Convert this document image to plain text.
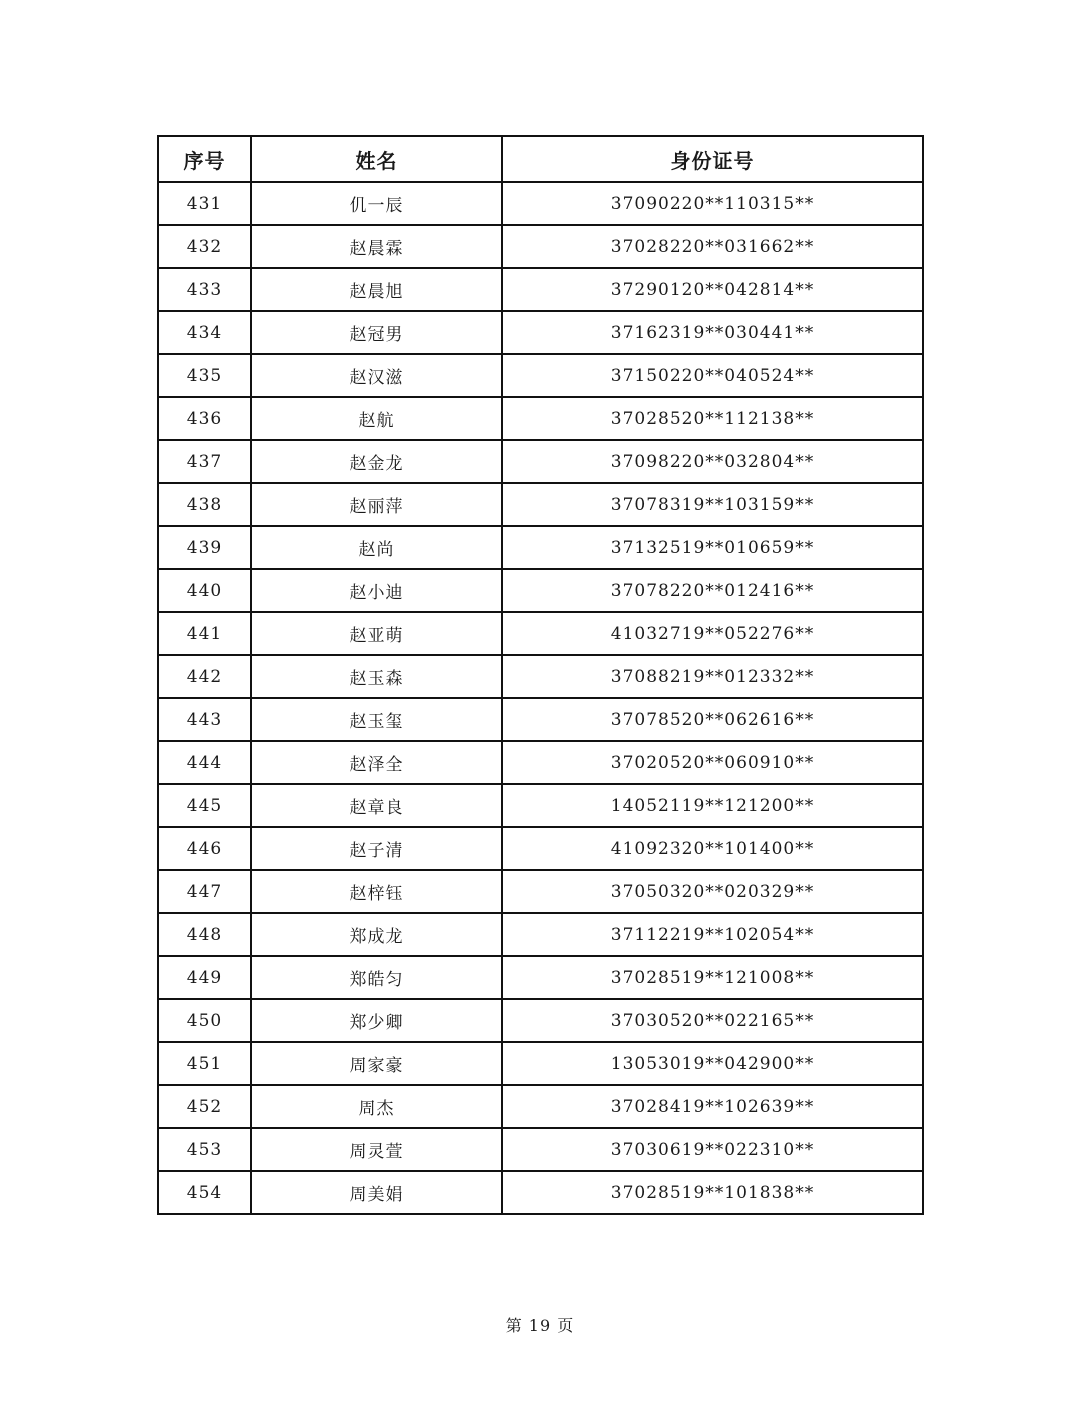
序号	姓名	身份证号
431	仉一辰	37090220**110315**
432	赵晨霖	37028220**031662**
433	赵晨旭	37290120**042814**
434	赵冠男	37162319**030441**
435	赵汉滋	37150220**040524**
436	赵航	37028520**112138**
437	赵金龙	37098220**032804**
438	赵丽萍	37078319**103159**
439	赵尚	37132519**010659**
440	赵小迪	37078220**012416**
441	赵亚萌	41032719**052276**
442	赵玉森	37088219**012332**
443	赵玉玺	37078520**062616**
444	赵泽全	37020520**060910**
445	赵章良	14052119**121200**
446	赵子清	41092320**101400**
447	赵梓钰	37050320**020329**
448	郑成龙	37112219**102054**
449	郑皓匀	37028519**121008**
450	郑少卿	37030520**022165**
451	周家豪	13053019**042900**
452	周杰	37028419**102639**
453	周灵萱	37030619**022310**
454	周美娟	37028519**101838**
第 19 页
